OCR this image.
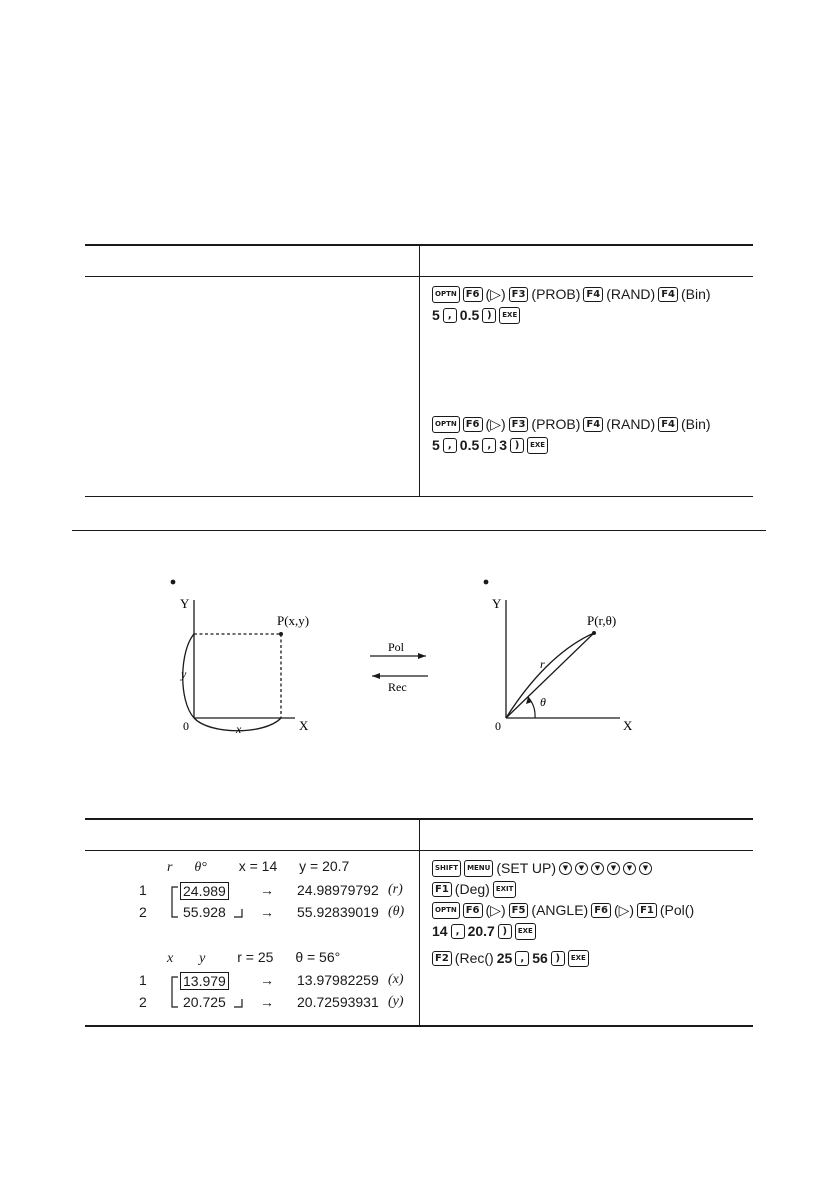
OPTN F6 (▷) F3 (PROB) F4 (RAND) F4 (Bin)
5 , 0.5 )	EXE
OPTN F6 (▷) F3 (PROB) F4 (RAND) F4 (Bin)
5 , 0.5 , 3 )	EXE
Y
X
0
P(x,y)
y
x
Pol
Rec
Y
X
0
P(r,θ)
r
θ
r θ° x = 14 y = 20.7
1	24.989 → 24.98979792 (r)
2	55.928 → 55.92839019 (θ)
SHIFT	MENU (SET UP) ▼	▼	▼	▼	▼	▼
F1 (Deg) EXIT
OPTN F6 (▷) F5 (ANGLE) F6 (▷) F1 (Pol()
14 , 20.7 )	EXE
x y r = 25 θ = 56°
1	13.979 → 13.97982259 (x)
2	20.725 → 20.72593931 (y)
F2 (Rec() 25 , 56 )	EXE
